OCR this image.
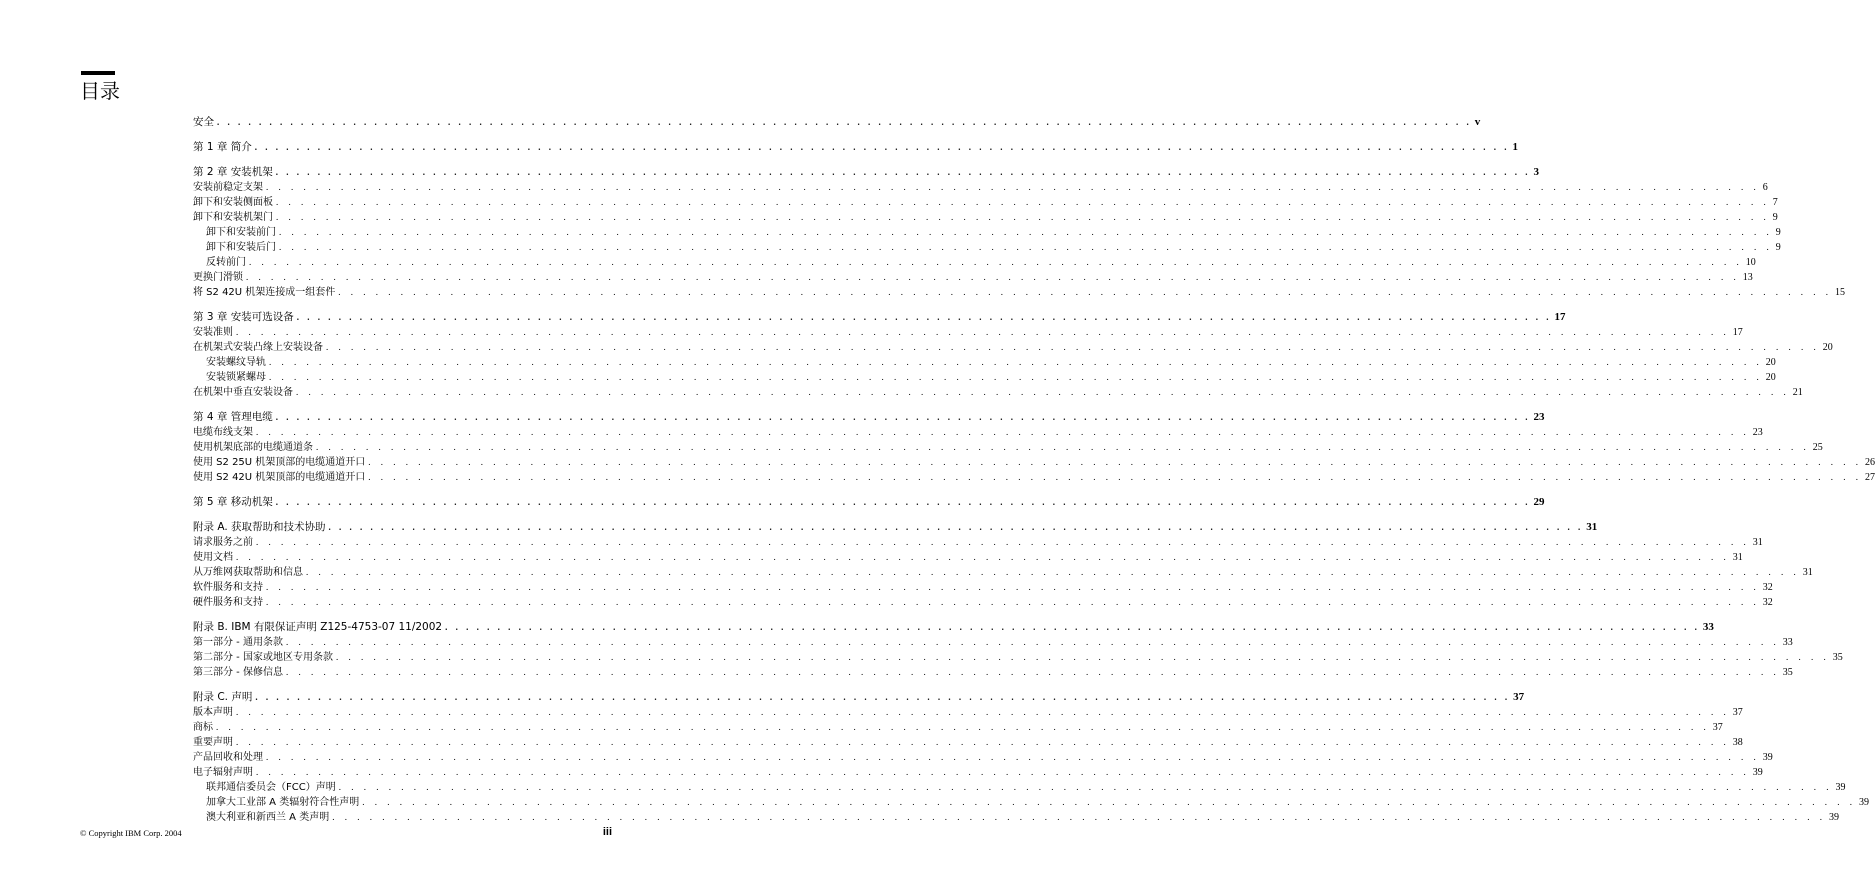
目录
安全 . . . . . . . . . . . . . . . . . . . . . . . . . . . . . . . . . . . . . . . . . . . . . . . . . . . . . . . . . . . . . . . . . . . . . . . . . . . . . . . . . . . . . . . . . . . . . . . . . . . . . . . . . . . . . . . . . . . . . . . . v
第 1 章 简介 . . . . . . . . . . . . . . . . . . . . . . . . . . . . . . . . . . . . . . . . . . . . . . . . . . . . . . . . . . . . . . . . . . . . . . . . . . . . . . . . . . . . . . . . . . . . . . . . . . . . . . . . . . . . . . . . . . . . . . . . 1
第 2 章 安装机架 . . . . . . . . . . . . . . . . . . . . . . . . . . . . . . . . . . . . . . . . . . . . . . . . . . . . . . . . . . . . . . . . . . . . . . . . . . . . . . . . . . . . . . . . . . . . . . . . . . . . . . . . . . . . . . . . . . . . . . . . 3
安装前稳定支架 . . . . . . . . . . . . . . . . . . . . . . . . . . . . . . . . . . . . . . . . . . . . . . . . . . . . . . . . . . . . . . . . . . . . . . . . . . . . . . . . . . . . . . . . . . . . . . . . . . . . . . . . . . . . . . . . . . . . . . . . 6
卸下和安装侧面板 . . . . . . . . . . . . . . . . . . . . . . . . . . . . . . . . . . . . . . . . . . . . . . . . . . . . . . . . . . . . . . . . . . . . . . . . . . . . . . . . . . . . . . . . . . . . . . . . . . . . . . . . . . . . . . . . . . . . . . . . 7
卸下和安装机架门 . . . . . . . . . . . . . . . . . . . . . . . . . . . . . . . . . . . . . . . . . . . . . . . . . . . . . . . . . . . . . . . . . . . . . . . . . . . . . . . . . . . . . . . . . . . . . . . . . . . . . . . . . . . . . . . . . . . . . . . . 9
卸下和安装前门 . . . . . . . . . . . . . . . . . . . . . . . . . . . . . . . . . . . . . . . . . . . . . . . . . . . . . . . . . . . . . . . . . . . . . . . . . . . . . . . . . . . . . . . . . . . . . . . . . . . . . . . . . . . . . . . . . . . . . . . . 9
卸下和安装后门 . . . . . . . . . . . . . . . . . . . . . . . . . . . . . . . . . . . . . . . . . . . . . . . . . . . . . . . . . . . . . . . . . . . . . . . . . . . . . . . . . . . . . . . . . . . . . . . . . . . . . . . . . . . . . . . . . . . . . . . . 9
反转前门 . . . . . . . . . . . . . . . . . . . . . . . . . . . . . . . . . . . . . . . . . . . . . . . . . . . . . . . . . . . . . . . . . . . . . . . . . . . . . . . . . . . . . . . . . . . . . . . . . . . . . . . . . . . . . . . . . . . . . . . . 10
更换门滑锁 . . . . . . . . . . . . . . . . . . . . . . . . . . . . . . . . . . . . . . . . . . . . . . . . . . . . . . . . . . . . . . . . . . . . . . . . . . . . . . . . . . . . . . . . . . . . . . . . . . . . . . . . . . . . . . . . . . . . . . . . 13
将 S2 42U 机架连接成一组套件 . . . . . . . . . . . . . . . . . . . . . . . . . . . . . . . . . . . . . . . . . . . . . . . . . . . . . . . . . . . . . . . . . . . . . . . . . . . . . . . . . . . . . . . . . . . . . . . . . . . . . . . . . . . . . . . . . . . . . . . . 15
第 3 章 安装可选设备 . . . . . . . . . . . . . . . . . . . . . . . . . . . . . . . . . . . . . . . . . . . . . . . . . . . . . . . . . . . . . . . . . . . . . . . . . . . . . . . . . . . . . . . . . . . . . . . . . . . . . . . . . . . . . . . . . . . . . . . . 17
安装准则 . . . . . . . . . . . . . . . . . . . . . . . . . . . . . . . . . . . . . . . . . . . . . . . . . . . . . . . . . . . . . . . . . . . . . . . . . . . . . . . . . . . . . . . . . . . . . . . . . . . . . . . . . . . . . . . . . . . . . . . . 17
在机架式安装凸缘上安装设备 . . . . . . . . . . . . . . . . . . . . . . . . . . . . . . . . . . . . . . . . . . . . . . . . . . . . . . . . . . . . . . . . . . . . . . . . . . . . . . . . . . . . . . . . . . . . . . . . . . . . . . . . . . . . . . . . . . . . . . . . 20
安装螺纹导轨 . . . . . . . . . . . . . . . . . . . . . . . . . . . . . . . . . . . . . . . . . . . . . . . . . . . . . . . . . . . . . . . . . . . . . . . . . . . . . . . . . . . . . . . . . . . . . . . . . . . . . . . . . . . . . . . . . . . . . . . . 20
安装锁紧螺母 . . . . . . . . . . . . . . . . . . . . . . . . . . . . . . . . . . . . . . . . . . . . . . . . . . . . . . . . . . . . . . . . . . . . . . . . . . . . . . . . . . . . . . . . . . . . . . . . . . . . . . . . . . . . . . . . . . . . . . . . 20
在机架中垂直安装设备 . . . . . . . . . . . . . . . . . . . . . . . . . . . . . . . . . . . . . . . . . . . . . . . . . . . . . . . . . . . . . . . . . . . . . . . . . . . . . . . . . . . . . . . . . . . . . . . . . . . . . . . . . . . . . . . . . . . . . . . . 21
第 4 章 管理电缆 . . . . . . . . . . . . . . . . . . . . . . . . . . . . . . . . . . . . . . . . . . . . . . . . . . . . . . . . . . . . . . . . . . . . . . . . . . . . . . . . . . . . . . . . . . . . . . . . . . . . . . . . . . . . . . . . . . . . . . . . 23
电缆布线支架 . . . . . . . . . . . . . . . . . . . . . . . . . . . . . . . . . . . . . . . . . . . . . . . . . . . . . . . . . . . . . . . . . . . . . . . . . . . . . . . . . . . . . . . . . . . . . . . . . . . . . . . . . . . . . . . . . . . . . . . . 23
使用机架底部的电缆通道条 . . . . . . . . . . . . . . . . . . . . . . . . . . . . . . . . . . . . . . . . . . . . . . . . . . . . . . . . . . . . . . . . . . . . . . . . . . . . . . . . . . . . . . . . . . . . . . . . . . . . . . . . . . . . . . . . . . . . . . . . 25
使用 S2 25U 机架顶部的电缆通道开口 . . . . . . . . . . . . . . . . . . . . . . . . . . . . . . . . . . . . . . . . . . . . . . . . . . . . . . . . . . . . . . . . . . . . . . . . . . . . . . . . . . . . . . . . . . . . . . . . . . . . . . . . . . . . . . . . . . . . . . . . 26
使用 S2 42U 机架顶部的电缆通道开口 . . . . . . . . . . . . . . . . . . . . . . . . . . . . . . . . . . . . . . . . . . . . . . . . . . . . . . . . . . . . . . . . . . . . . . . . . . . . . . . . . . . . . . . . . . . . . . . . . . . . . . . . . . . . . . . . . . . . . . . . 27
第 5 章 移动机架 . . . . . . . . . . . . . . . . . . . . . . . . . . . . . . . . . . . . . . . . . . . . . . . . . . . . . . . . . . . . . . . . . . . . . . . . . . . . . . . . . . . . . . . . . . . . . . . . . . . . . . . . . . . . . . . . . . . . . . . . 29
附录 A. 获取帮助和技术协助 . . . . . . . . . . . . . . . . . . . . . . . . . . . . . . . . . . . . . . . . . . . . . . . . . . . . . . . . . . . . . . . . . . . . . . . . . . . . . . . . . . . . . . . . . . . . . . . . . . . . . . . . . . . . . . . . . . . . . . . . 31
请求服务之前 . . . . . . . . . . . . . . . . . . . . . . . . . . . . . . . . . . . . . . . . . . . . . . . . . . . . . . . . . . . . . . . . . . . . . . . . . . . . . . . . . . . . . . . . . . . . . . . . . . . . . . . . . . . . . . . . . . . . . . . . 31
使用文档 . . . . . . . . . . . . . . . . . . . . . . . . . . . . . . . . . . . . . . . . . . . . . . . . . . . . . . . . . . . . . . . . . . . . . . . . . . . . . . . . . . . . . . . . . . . . . . . . . . . . . . . . . . . . . . . . . . . . . . . . 31
从万维网获取帮助和信息 . . . . . . . . . . . . . . . . . . . . . . . . . . . . . . . . . . . . . . . . . . . . . . . . . . . . . . . . . . . . . . . . . . . . . . . . . . . . . . . . . . . . . . . . . . . . . . . . . . . . . . . . . . . . . . . . . . . . . . . . 31
软件服务和支持 . . . . . . . . . . . . . . . . . . . . . . . . . . . . . . . . . . . . . . . . . . . . . . . . . . . . . . . . . . . . . . . . . . . . . . . . . . . . . . . . . . . . . . . . . . . . . . . . . . . . . . . . . . . . . . . . . . . . . . . . 32
硬件服务和支持 . . . . . . . . . . . . . . . . . . . . . . . . . . . . . . . . . . . . . . . . . . . . . . . . . . . . . . . . . . . . . . . . . . . . . . . . . . . . . . . . . . . . . . . . . . . . . . . . . . . . . . . . . . . . . . . . . . . . . . . . 32
附录 B. IBM 有限保证声明 Z125-4753-07 11/2002 . . . . . . . . . . . . . . . . . . . . . . . . . . . . . . . . . . . . . . . . . . . . . . . . . . . . . . . . . . . . . . . . . . . . . . . . . . . . . . . . . . . . . . . . . . . . . . . . . . . . . . . . . . . . . . . . . . . . . . . . 33
第一部分 - 通用条款 . . . . . . . . . . . . . . . . . . . . . . . . . . . . . . . . . . . . . . . . . . . . . . . . . . . . . . . . . . . . . . . . . . . . . . . . . . . . . . . . . . . . . . . . . . . . . . . . . . . . . . . . . . . . . . . . . . . . . . . . 33
第二部分 - 国家或地区专用条款 . . . . . . . . . . . . . . . . . . . . . . . . . . . . . . . . . . . . . . . . . . . . . . . . . . . . . . . . . . . . . . . . . . . . . . . . . . . . . . . . . . . . . . . . . . . . . . . . . . . . . . . . . . . . . . . . . . . . . . . . 35
第三部分 - 保修信息 . . . . . . . . . . . . . . . . . . . . . . . . . . . . . . . . . . . . . . . . . . . . . . . . . . . . . . . . . . . . . . . . . . . . . . . . . . . . . . . . . . . . . . . . . . . . . . . . . . . . . . . . . . . . . . . . . . . . . . . . 35
附录 C. 声明 . . . . . . . . . . . . . . . . . . . . . . . . . . . . . . . . . . . . . . . . . . . . . . . . . . . . . . . . . . . . . . . . . . . . . . . . . . . . . . . . . . . . . . . . . . . . . . . . . . . . . . . . . . . . . . . . . . . . . . . . 37
版本声明 . . . . . . . . . . . . . . . . . . . . . . . . . . . . . . . . . . . . . . . . . . . . . . . . . . . . . . . . . . . . . . . . . . . . . . . . . . . . . . . . . . . . . . . . . . . . . . . . . . . . . . . . . . . . . . . . . . . . . . . . 37
商标 . . . . . . . . . . . . . . . . . . . . . . . . . . . . . . . . . . . . . . . . . . . . . . . . . . . . . . . . . . . . . . . . . . . . . . . . . . . . . . . . . . . . . . . . . . . . . . . . . . . . . . . . . . . . . . . . . . . . . . . . 37
重要声明 . . . . . . . . . . . . . . . . . . . . . . . . . . . . . . . . . . . . . . . . . . . . . . . . . . . . . . . . . . . . . . . . . . . . . . . . . . . . . . . . . . . . . . . . . . . . . . . . . . . . . . . . . . . . . . . . . . . . . . . . 38
产品回收和处理 . . . . . . . . . . . . . . . . . . . . . . . . . . . . . . . . . . . . . . . . . . . . . . . . . . . . . . . . . . . . . . . . . . . . . . . . . . . . . . . . . . . . . . . . . . . . . . . . . . . . . . . . . . . . . . . . . . . . . . . . 39
电子辐射声明 . . . . . . . . . . . . . . . . . . . . . . . . . . . . . . . . . . . . . . . . . . . . . . . . . . . . . . . . . . . . . . . . . . . . . . . . . . . . . . . . . . . . . . . . . . . . . . . . . . . . . . . . . . . . . . . . . . . . . . . . 39
联邦通信委员会（FCC）声明 . . . . . . . . . . . . . . . . . . . . . . . . . . . . . . . . . . . . . . . . . . . . . . . . . . . . . . . . . . . . . . . . . . . . . . . . . . . . . . . . . . . . . . . . . . . . . . . . . . . . . . . . . . . . . . . . . . . . . . . . 39
加拿大工业部 A 类辐射符合性声明 . . . . . . . . . . . . . . . . . . . . . . . . . . . . . . . . . . . . . . . . . . . . . . . . . . . . . . . . . . . . . . . . . . . . . . . . . . . . . . . . . . . . . . . . . . . . . . . . . . . . . . . . . . . . . . . . . . . . . . . . 39
澳大利亚和新西兰 A 类声明 . . . . . . . . . . . . . . . . . . . . . . . . . . . . . . . . . . . . . . . . . . . . . . . . . . . . . . . . . . . . . . . . . . . . . . . . . . . . . . . . . . . . . . . . . . . . . . . . . . . . . . . . . . . . . . . . . . . . . . . . 39
© Copyright IBM Corp. 2004	iii
